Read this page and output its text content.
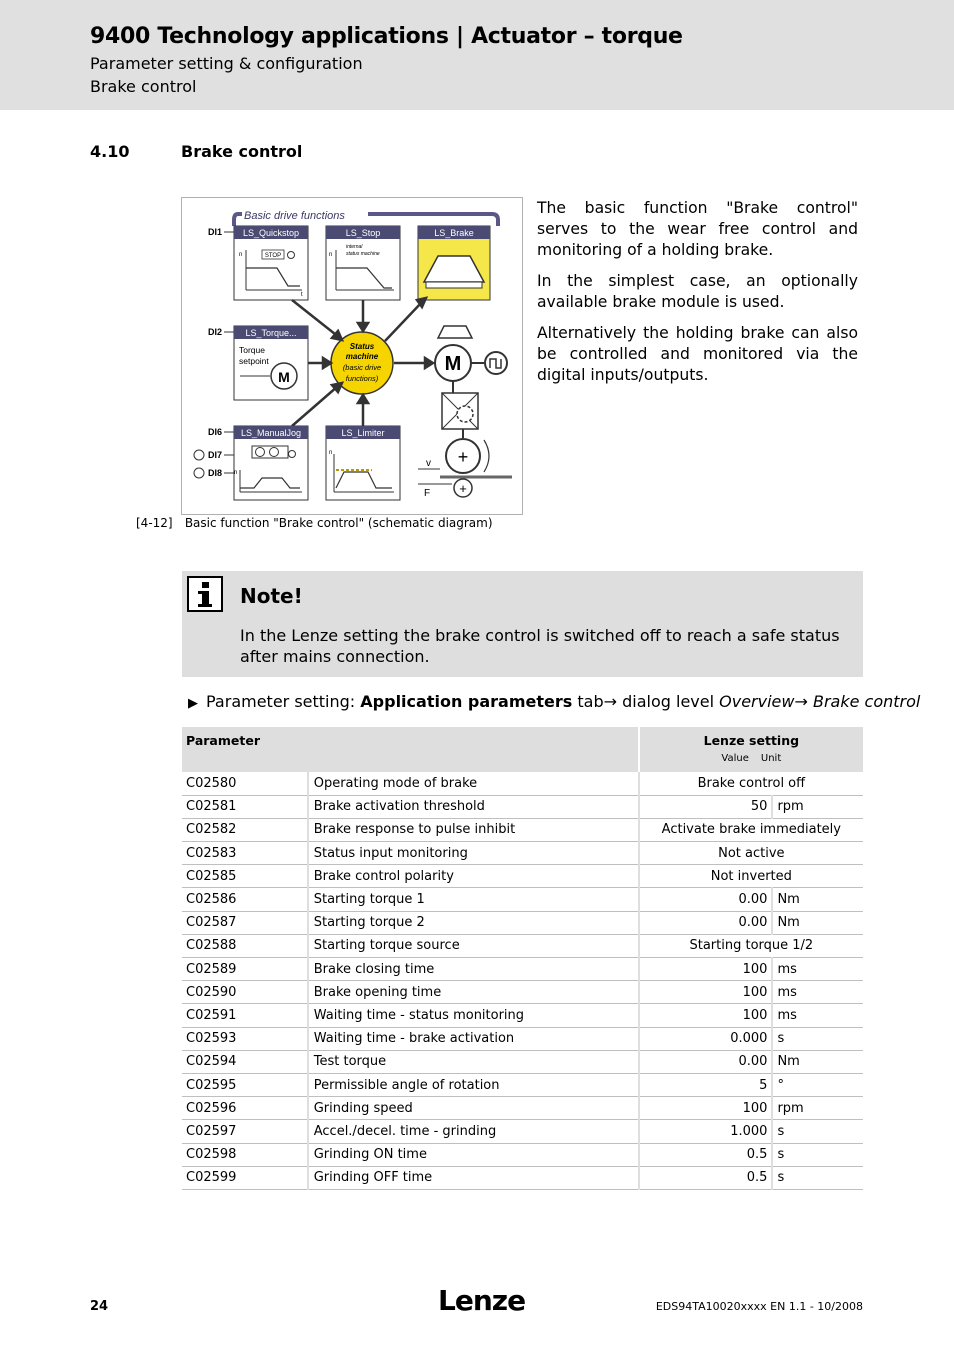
9400 Technology applications | Actuator – torque
Parameter setting & configuration
Brake control
4.10	Brake control
Basic drive functions
LS_Quickstop
STOP
n
t
DI1	LS_Stop
internal
status machine
n
LS_Brake
LS_Torque...
Torque
setpoint
M
DI2
Status
machine
(basic drive
functions)
M
+
+
v
F
LS_ManualJog
n
DI6
DI7
DI8
LS_Limiter
n

The basic function "Brake control" serves to the wear free control and monitoring of a holding brake.

In the simplest case, an optionally available brake module is used.

Alternatively the holding brake can also be controlled and monitored via the digital inputs/outputs.

[4-12] Basic function "Brake control" (schematic diagram)
Note!
In the Lenze setting the brake control is switched off to reach a safe status after mains connection.
▶ Parameter setting: Application parameters tab→ dialog level Overview→ Brake control
Parameter		Lenze setting
Value Unit	

C02580	Operating mode of brake	Brake control off	
C02581	Brake activation threshold	50	rpm
C02582	Brake response to pulse inhibit	Activate brake immediately	
C02583	Status input monitoring	Not active	
C02585	Brake control polarity	Not inverted	
C02586	Starting torque 1	0.00	Nm
C02587	Starting torque 2	0.00	Nm
C02588	Starting torque source	Starting torque 1/2	
C02589	Brake closing time	100	ms
C02590	Brake opening time	100	ms
C02591	Waiting time - status monitoring	100	ms
C02593	Waiting time - brake activation	0.000	s
C02594	Test torque	0.00	Nm
C02595	Permissible angle of rotation	5	°
C02596	Grinding speed	100	rpm
C02597	Accel./decel. time - grinding	1.000	s
C02598	Grinding ON time	0.5	s
C02599	Grinding OFF time	0.5	s
24	Lenze	EDS94TA10020xxxx EN 1.1 - 10/2008
